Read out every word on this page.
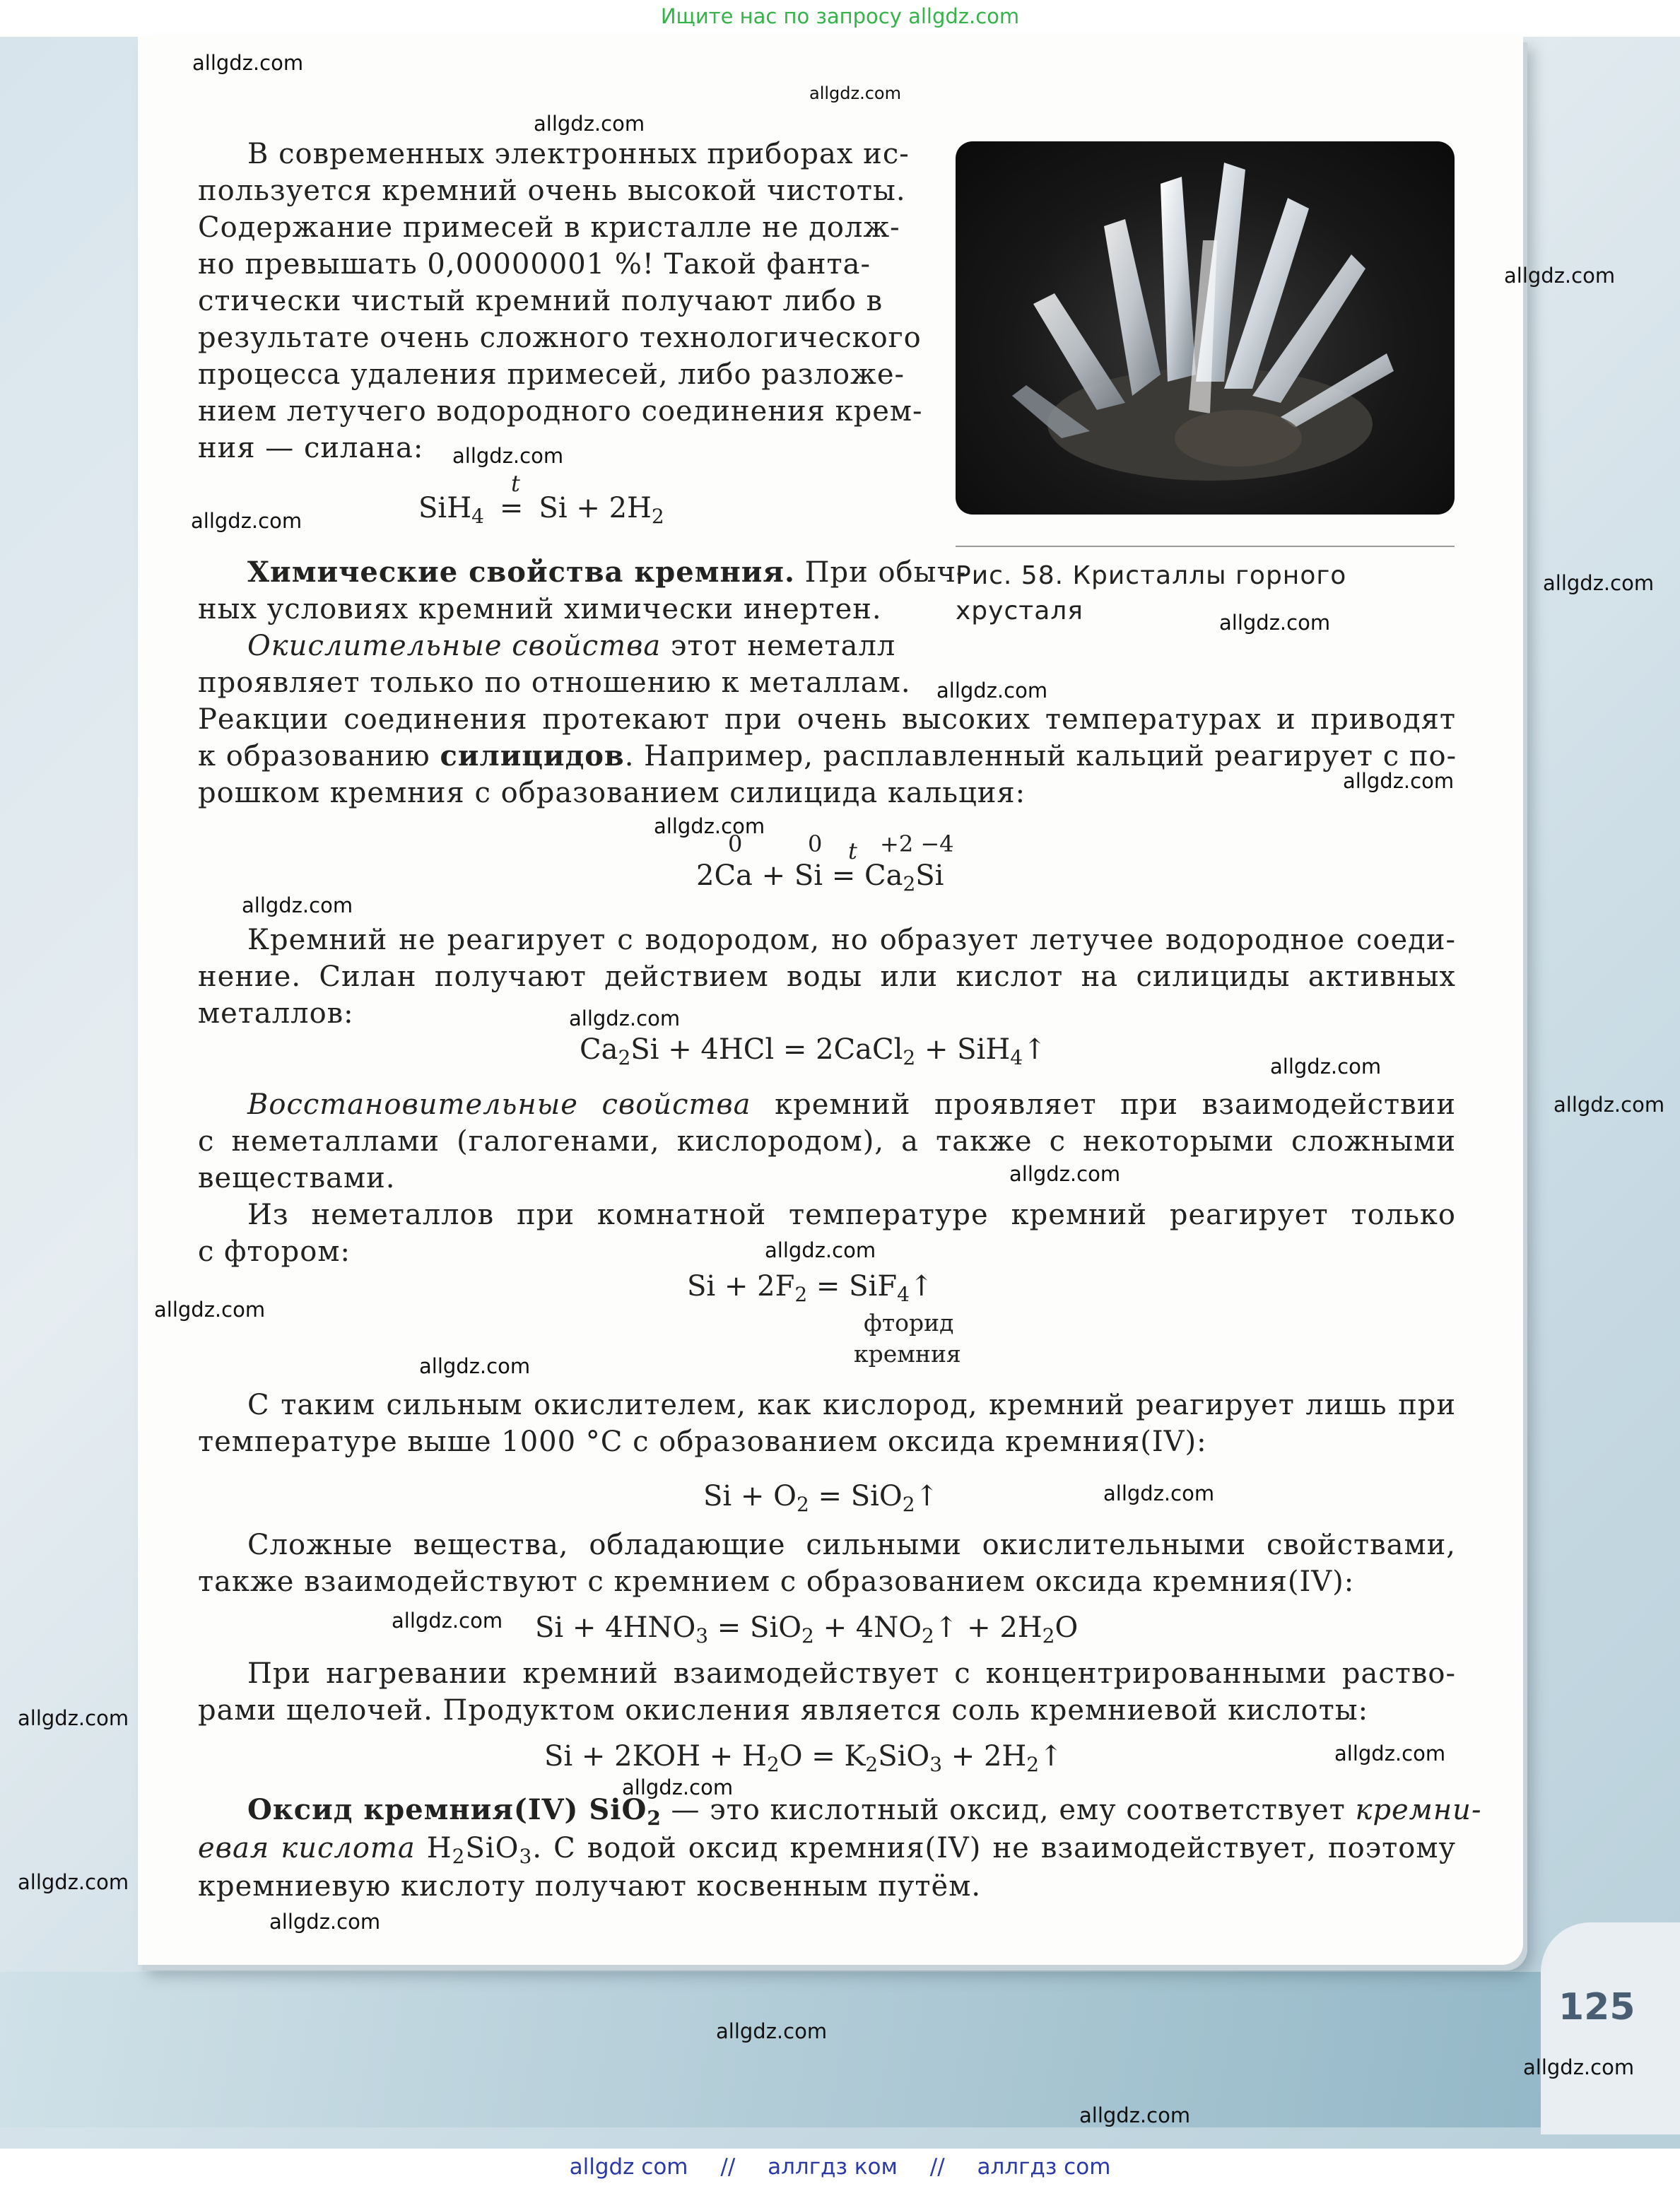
Ищите нас по запросу allgdz.com
Рис. 58. Кристаллы горного
хрусталя
В современных электронных приборах ис-
пользуется кремний очень высокой чистоты.
Содержание примесей в кристалле не долж-
но превышать 0,00000001 %! Такой фанта-
стически чистый кремний получают либо в
результате очень сложного технологического
процесса удаления примесей, либо разложе-
нием летучего водородного соединения крем-
ния — силана:
t
$SiH_4 = Si + 2H_2$
Химические свойства кремния. При обыч-
ных условиях кремний химически инертен.
Окислительные свойства этот неметалл
проявляет только по отношению к металлам.
Реакции соединения протекают при очень высоких температурах и приводят
к образованию силицидов. Например, расплавленный кальций реагирует с по-
рошком кремния с образованием силицида кальция:
0	0 t +2 −4
$2Ca + Si = Ca_2Si$
Кремний не реагирует с водородом, но образует летучее водородное соеди-
нение. Силан получают действием воды или кислот на силициды активных
металлов:
$Ca_2Si + 4HCl$ = 2CaCl$_2$ + SiH$_4$↑
Восстановительные свойства кремний проявляет при взаимодействии
с неметаллами (галогенами, кислородом), а также с некоторыми сложными
веществами.
Из неметаллов при комнатной температуре кремний реагирует только
с фтором:
$Si + 2F_2$ = SiF$_4$↑
фторид
кремния
С таким сильным окислителем, как кислород, кремний реагирует лишь при
температуре выше 1000 °C с образованием оксида кремния(IV):
$Si + O_2$ = SiO$_2$↑
Сложные вещества, обладающие сильными окислительными свойствами,
также взаимодействуют с кремнием с образованием оксида кремния(IV):
$Si + 4HNO_3 = SiO_2$ + $4NO_2↑ + 2H_2O$
При нагревании кремний взаимодействует с концентрированными раство-
рами щелочей. Продуктом окисления является соль кремниевой кислоты:
$Si + 2KOH + H_2O = K_2SiO_3$ + $2H_2↑$
Оксид кремния(IV) SiO$_2$ — это кислотный оксид, ему соответствует кремни-
евая кислота $H_2SiO_3$. С водой оксид кремния(IV) не взаимодействует, поэтому
кремниевую кислоту получают косвенным путём.
125
allgdz.com
allgdz.com
allgdz.com
allgdz.com
allgdz.com
allgdz.com
allgdz.com
allgdz.com
allgdz.com
allgdz.com
allgdz.com
allgdz.com
allgdz.com
allgdz.com
allgdz.com
allgdz.com
allgdz.com
allgdz.com
allgdz.com
allgdz.com
allgdz.com
allgdz.com
allgdz.com
allgdz.com
allgdz.com
allgdz.com
allgdz.com
allgdz.com
allgdz.com
allgdz com // аллгдз ком // аллгдз com
